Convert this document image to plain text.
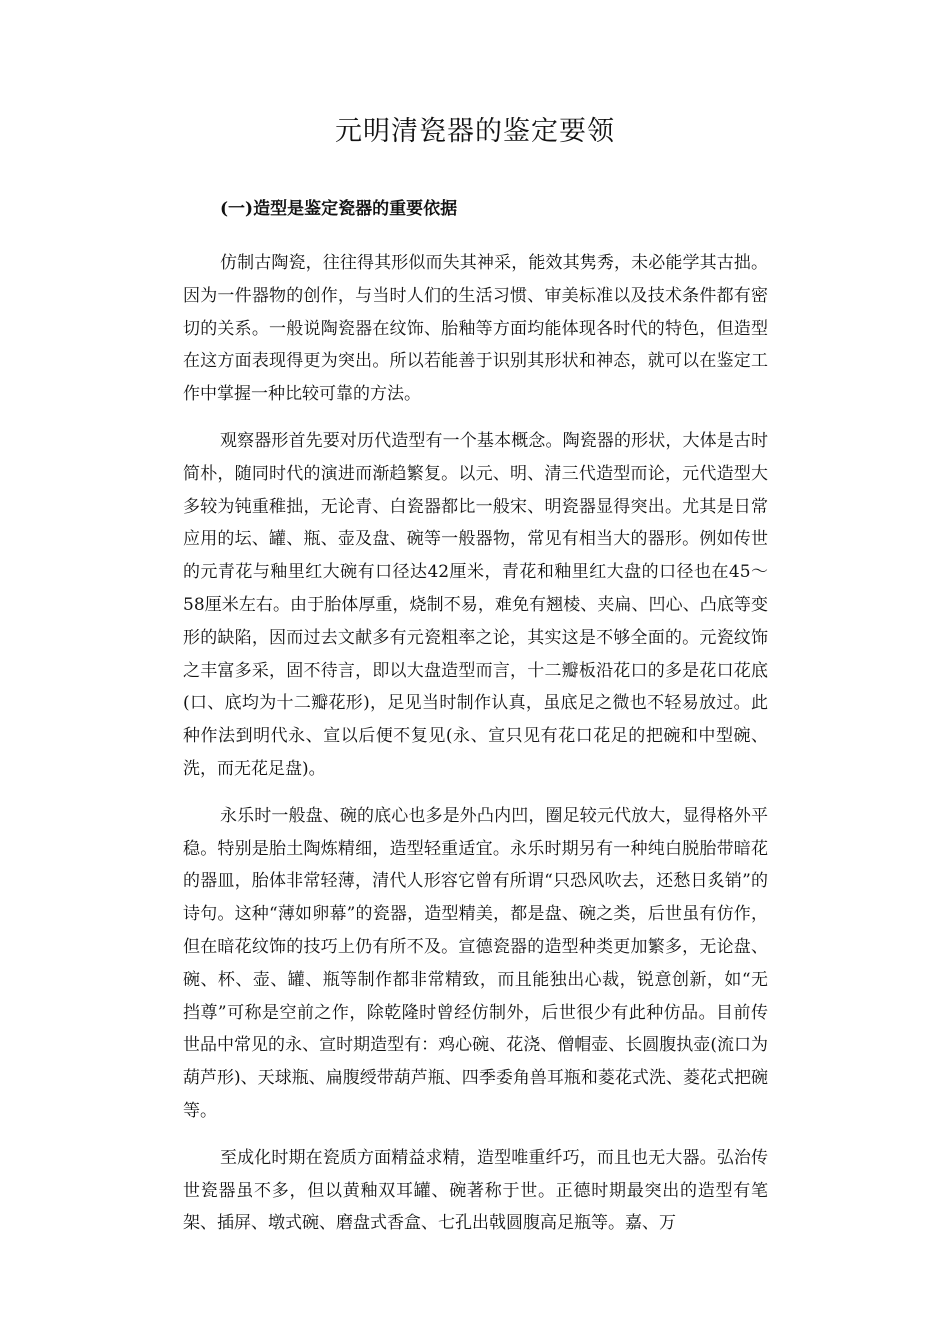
元明清瓷器的鉴定要领

(一)造型是鉴定瓷器的重要依据

仿制古陶瓷，往往得其形似而失其神采，能效其隽秀，未必能学其古拙。因为一件器物的创作，与当时人们的生活习惯、审美标准以及技术条件都有密切的关系。一般说陶瓷器在纹饰、胎釉等方面均能体现各时代的特色，但造型在这方面表现得更为突出。所以若能善于识别其形状和神态，就可以在鉴定工作中掌握一种比较可靠的方法。

观察器形首先要对历代造型有一个基本概念。陶瓷器的形状，大体是古时简朴，随同时代的演进而渐趋繁复。以元、明、清三代造型而论，元代造型大多较为钝重稚拙，无论青、白瓷器都比一般宋、明瓷器显得突出。尤其是日常应用的坛、罐、瓶、壶及盘、碗等一般器物，常见有相当大的器形。例如传世的元青花与釉里红大碗有口径达42厘米，青花和釉里红大盘的口径也在45～58厘米左右。由于胎体厚重，烧制不易，难免有翘棱、夹扁、凹心、凸底等变形的缺陷，因而过去文献多有元瓷粗率之论，其实这是不够全面的。元瓷纹饰之丰富多采，固不待言，即以大盘造型而言，十二瓣板沿花口的多是花口花底(口、底均为十二瓣花形)，足见当时制作认真，虽底足之微也不轻易放过。此种作法到明代永、宣以后便不复见(永、宣只见有花口花足的把碗和中型碗、洗，而无花足盘)。

永乐时一般盘、碗的底心也多是外凸内凹，圈足较元代放大，显得格外平稳。特别是胎土陶炼精细，造型轻重适宜。永乐时期另有一种纯白脱胎带暗花的器皿，胎体非常轻薄，清代人形容它曾有所谓“只恐风吹去，还愁日炙销”的诗句。这种“薄如卵幕”的瓷器，造型精美，都是盘、碗之类，后世虽有仿作，但在暗花纹饰的技巧上仍有所不及。宣德瓷器的造型种类更加繁多，无论盘、碗、杯、壶、罐、瓶等制作都非常精致，而且能独出心裁，锐意创新，如“无挡尊”可称是空前之作，除乾隆时曾经仿制外，后世很少有此种仿品。目前传世品中常见的永、宣时期造型有：鸡心碗、花浇、僧帽壶、长圆腹执壶(流口为葫芦形)、天球瓶、扁腹绶带葫芦瓶、四季委角兽耳瓶和菱花式洗、菱花式把碗等。

至成化时期在瓷质方面精益求精，造型唯重纤巧，而且也无大器。弘治传世瓷器虽不多，但以黄釉双耳罐、碗著称于世。正德时期最突出的造型有笔架、插屏、墩式碗、磨盘式香盒、七孔出戟圆腹高足瓶等。嘉、万
